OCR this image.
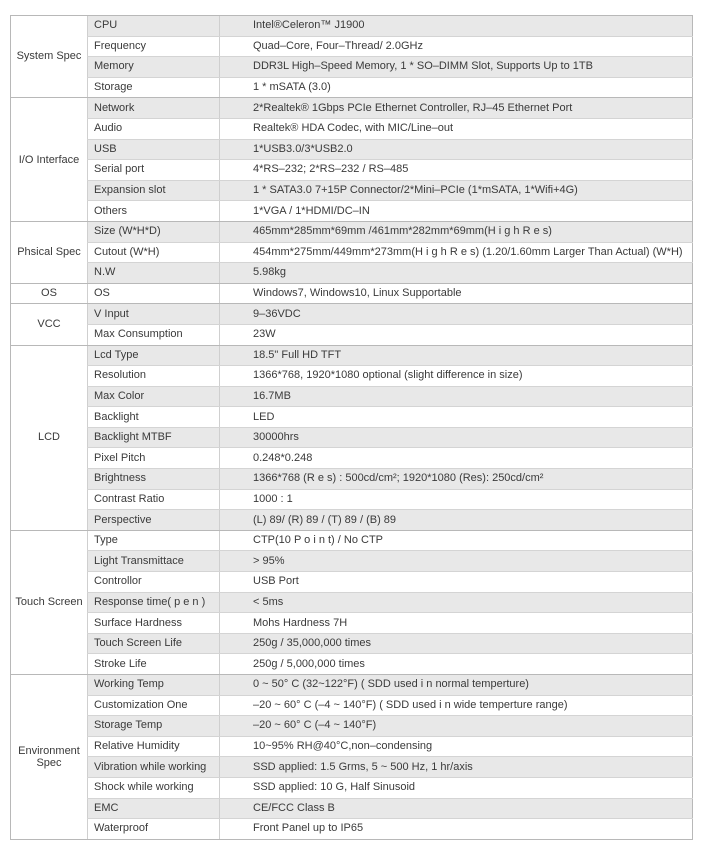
System Spec	CPU	Intel®Celeron™ J1900
	Frequency	Quad–Core, Four–Thread/ 2.0GHz
	Memory	DDR3L High–Speed Memory, 1 * SO–DIMM Slot, Supports Up to 1TB
	Storage	1 * mSATA (3.0)
I/O Interface	Network	2*Realtek® 1Gbps PCIe Ethernet Controller, RJ–45 Ethernet Port
	Audio	Realtek® HDA Codec, with MIC/Line–out
	USB	1*USB3.0/3*USB2.0
	Serial port	4*RS–232; 2*RS–232 / RS–485
	Expansion slot	1 * SATA3.0 7+15P Connector/2*Mini–PCIe (1*mSATA, 1*Wifi+4G)
	Others	1*VGA / 1*HDMI/DC–IN
Phsical Spec	Size (W*H*D)	465mm*285mm*69mm /461mm*282mm*69mm(H i g h R e s)
	Cutout (W*H)	454mm*275mm/449mm*273mm(H i g h R e s) (1.20/1.60mm Larger Than Actual) (W*H)
	N.W	5.98kg
OS	OS	Windows7, Windows10, Linux Supportable
VCC	V Input	9–36VDC
	Max Consumption	23W
LCD	Lcd Type	18.5" Full HD TFT
	Resolution	1366*768, 1920*1080 optional (slight difference in size)
	Max Color	16.7MB
	Backlight	LED
	Backlight MTBF	30000hrs
	Pixel Pitch	0.248*0.248
	Brightness	1366*768 (R e s) : 500cd/cm²; 1920*1080 (Res): 250cd/cm²
	Contrast Ratio	1000 : 1
	Perspective	(L) 89/ (R) 89 / (T) 89 / (B) 89
Touch Screen	Type	CTP(10 P o i n t) / No CTP
	Light Transmittace	> 95%
	Controllor	USB Port
	Response time( p e n )	< 5ms
	Surface Hardness	Mohs Hardness 7H
	Touch Screen Life	250g / 35,000,000 times
	Stroke Life	250g / 5,000,000 times
Environment Spec	Working Temp	0 ~ 50° C (32~122°F) ( SDD used i n normal temperture)
	Customization One	–20 ~ 60° C (–4 ~ 140°F) ( SDD used i n wide temperture range)
	Storage Temp	–20 ~ 60° C (–4 ~ 140°F)
	Relative Humidity	10~95% RH@40°C,non–condensing
	Vibration while working	SSD applied: 1.5 Grms, 5 ~ 500 Hz, 1 hr/axis
	Shock while working	SSD applied: 10 G, Half Sinusoid
	EMC	CE/FCC Class B
	Waterproof	Front Panel up to IP65
